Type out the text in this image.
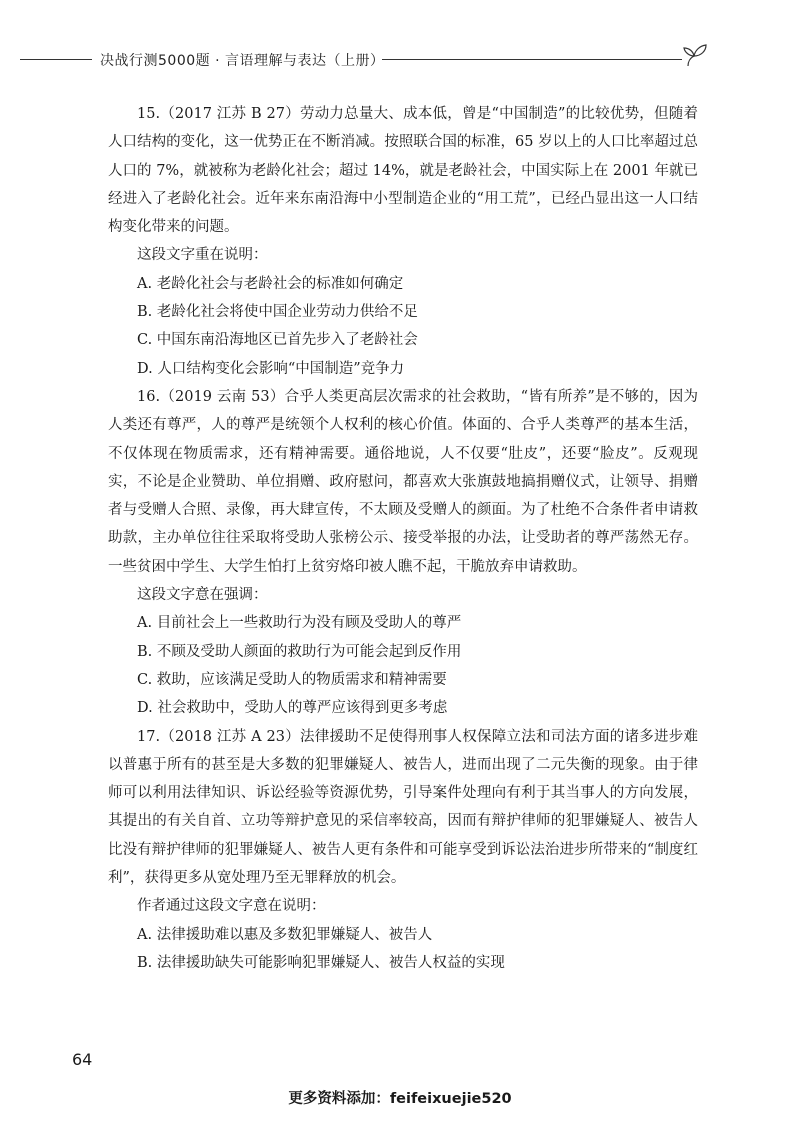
决战行测5000题 · 言语理解与表达（上册）

15.（2017 江苏 B 27）劳动力总量大、成本低，曾是“中国制造”的比较优势，但随着人口结构的变化，这一优势正在不断消减。按照联合国的标准，65 岁以上的人口比率超过总人口的 7%，就被称为老龄化社会；超过 14%，就是老龄社会，中国实际上在 2001 年就已经进入了老龄化社会。近年来东南沿海中小型制造企业的“用工荒”，已经凸显出这一人口结构变化带来的问题。

这段文字重在说明：

A. 老龄化社会与老龄社会的标准如何确定

B. 老龄化社会将使中国企业劳动力供给不足

C. 中国东南沿海地区已首先步入了老龄社会

D. 人口结构变化会影响“中国制造”竞争力

16.（2019 云南 53）合乎人类更高层次需求的社会救助，“皆有所养”是不够的，因为人类还有尊严，人的尊严是统领个人权利的核心价值。体面的、合乎人类尊严的基本生活，不仅体现在物质需求，还有精神需要。通俗地说，人不仅要“肚皮”，还要“脸皮”。反观现实，不论是企业赞助、单位捐赠、政府慰问，都喜欢大张旗鼓地搞捐赠仪式，让领导、捐赠者与受赠人合照、录像，再大肆宣传，不太顾及受赠人的颜面。为了杜绝不合条件者申请救助款，主办单位往往采取将受助人张榜公示、接受举报的办法，让受助者的尊严荡然无存。一些贫困中学生、大学生怕打上贫穷烙印被人瞧不起，干脆放弃申请救助。

这段文字意在强调：

A. 目前社会上一些救助行为没有顾及受助人的尊严

B. 不顾及受助人颜面的救助行为可能会起到反作用

C. 救助，应该满足受助人的物质需求和精神需要

D. 社会救助中，受助人的尊严应该得到更多考虑

17.（2018 江苏 A 23）法律援助不足使得刑事人权保障立法和司法方面的诸多进步难以普惠于所有的甚至是大多数的犯罪嫌疑人、被告人，进而出现了二元失衡的现象。由于律师可以利用法律知识、诉讼经验等资源优势，引导案件处理向有利于其当事人的方向发展，其提出的有关自首、立功等辩护意见的采信率较高，因而有辩护律师的犯罪嫌疑人、被告人比没有辩护律师的犯罪嫌疑人、被告人更有条件和可能享受到诉讼法治进步所带来的“制度红利”，获得更多从宽处理乃至无罪释放的机会。

作者通过这段文字意在说明：

A. 法律援助难以惠及多数犯罪嫌疑人、被告人

B. 法律援助缺失可能影响犯罪嫌疑人、被告人权益的实现

64
更多资料添加：feifeixuejie520
